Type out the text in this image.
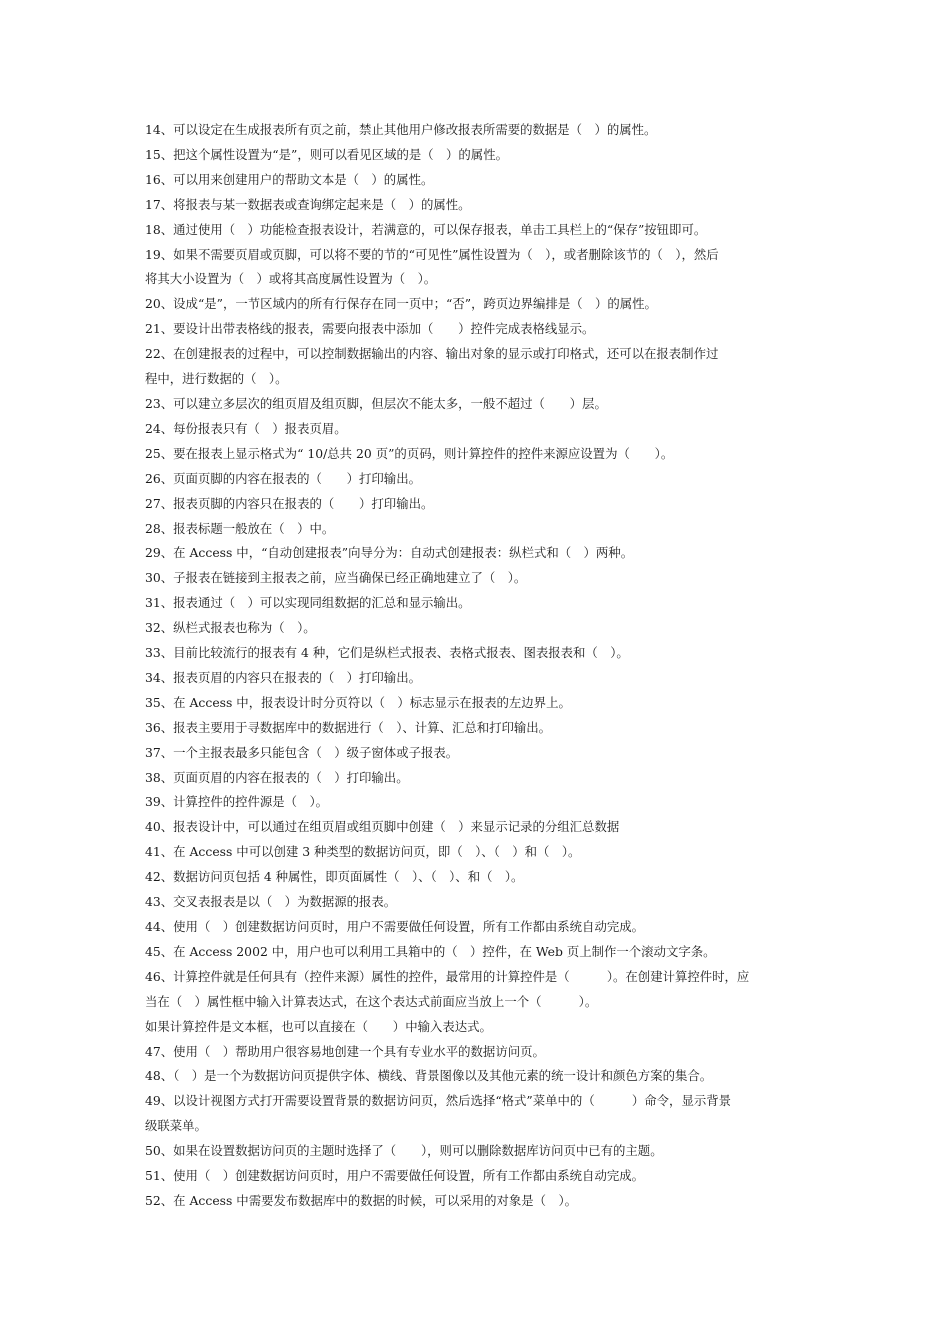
14、可以设定在生成报表所有页之前，禁止其他用户修改报表所需要的数据是（　）的属性。

15、把这个属性设置为“是”，则可以看见区域的是（　）的属性。

16、可以用来创建用户的帮助文本是（　）的属性。

17、将报表与某一数据表或查询绑定起来是（　）的属性。

18、通过使用（　）功能检查报表设计，若满意的，可以保存报表，单击工具栏上的“保存”按钮即可。

19、如果不需要页眉或页脚，可以将不要的节的“可见性”属性设置为（　），或者删除该节的（　），然后

将其大小设置为（　）或将其高度属性设置为（　）。

20、设成“是”，一节区域内的所有行保存在同一页中；“否”，跨页边界编排是（　）的属性。

21、要设计出带表格线的报表，需要向报表中添加（　　）控件完成表格线显示。

22、在创建报表的过程中，可以控制数据输出的内容、输出对象的显示或打印格式，还可以在报表制作过

程中，进行数据的（　）。

23、可以建立多层次的组页眉及组页脚，但层次不能太多，一般不超过（　　）层。

24、每份报表只有（　）报表页眉。

25、要在报表上显示格式为“ 10/总共 20 页”的页码，则计算控件的控件来源应设置为（　　）。

26、页面页脚的内容在报表的（　　）打印输出。

27、报表页脚的内容只在报表的（　　）打印输出。

28、报表标题一般放在（　）中。

29、在 Access 中，“自动创建报表”向导分为：自动式创建报表：纵栏式和（　）两种。

30、子报表在链接到主报表之前，应当确保已经正确地建立了（　）。

31、报表通过（　）可以实现同组数据的汇总和显示输出。

32、纵栏式报表也称为（　）。

33、目前比较流行的报表有 4 种，它们是纵栏式报表、表格式报表、图表报表和（　）。

34、报表页眉的内容只在报表的（　）打印输出。

35、在 Access 中，报表设计时分页符以（　）标志显示在报表的左边界上。

36、报表主要用于寻数据库中的数据进行（　）、计算、汇总和打印输出。

37、一个主报表最多只能包含（　）级子窗体或子报表。

38、页面页眉的内容在报表的（　）打印输出。

39、计算控件的控件源是（　）。

40、报表设计中，可以通过在组页眉或组页脚中创建（　）来显示记录的分组汇总数据

41、在 Access 中可以创建 3 种类型的数据访问页，即（　）、（　）和（　）。

42、数据访问页包括 4 种属性，即页面属性（　）、（　）、和（　）。

43、交叉表报表是以（　）为数据源的报表。

44、使用（　）创建数据访问页时，用户不需要做任何设置，所有工作都由系统自动完成。

45、在 Access 2002 中，用户也可以利用工具箱中的（　）控件，在 Web 页上制作一个滚动文字条。

46、计算控件就是任何具有（控件来源）属性的控件，最常用的计算控件是（　　　）。在创建计算控件时，应

当在（　）属性框中输入计算表达式，在这个表达式前面应当放上一个（　　　）。

如果计算控件是文本框，也可以直接在（　　）中输入表达式。

47、使用（　）帮助用户很容易地创建一个具有专业水平的数据访问页。

48、（　）是一个为数据访问页提供字体、横线、背景图像以及其他元素的统一设计和颜色方案的集合。

49、以设计视图方式打开需要设置背景的数据访问页，然后选择“格式”菜单中的（　　　）命令，显示背景

级联菜单。

50、如果在设置数据访问页的主题时选择了（　　），则可以删除数据库访问页中已有的主题。

51、使用（　）创建数据访问页时，用户不需要做任何设置，所有工作都由系统自动完成。

52、在 Access 中需要发布数据库中的数据的时候，可以采用的对象是（　）。
